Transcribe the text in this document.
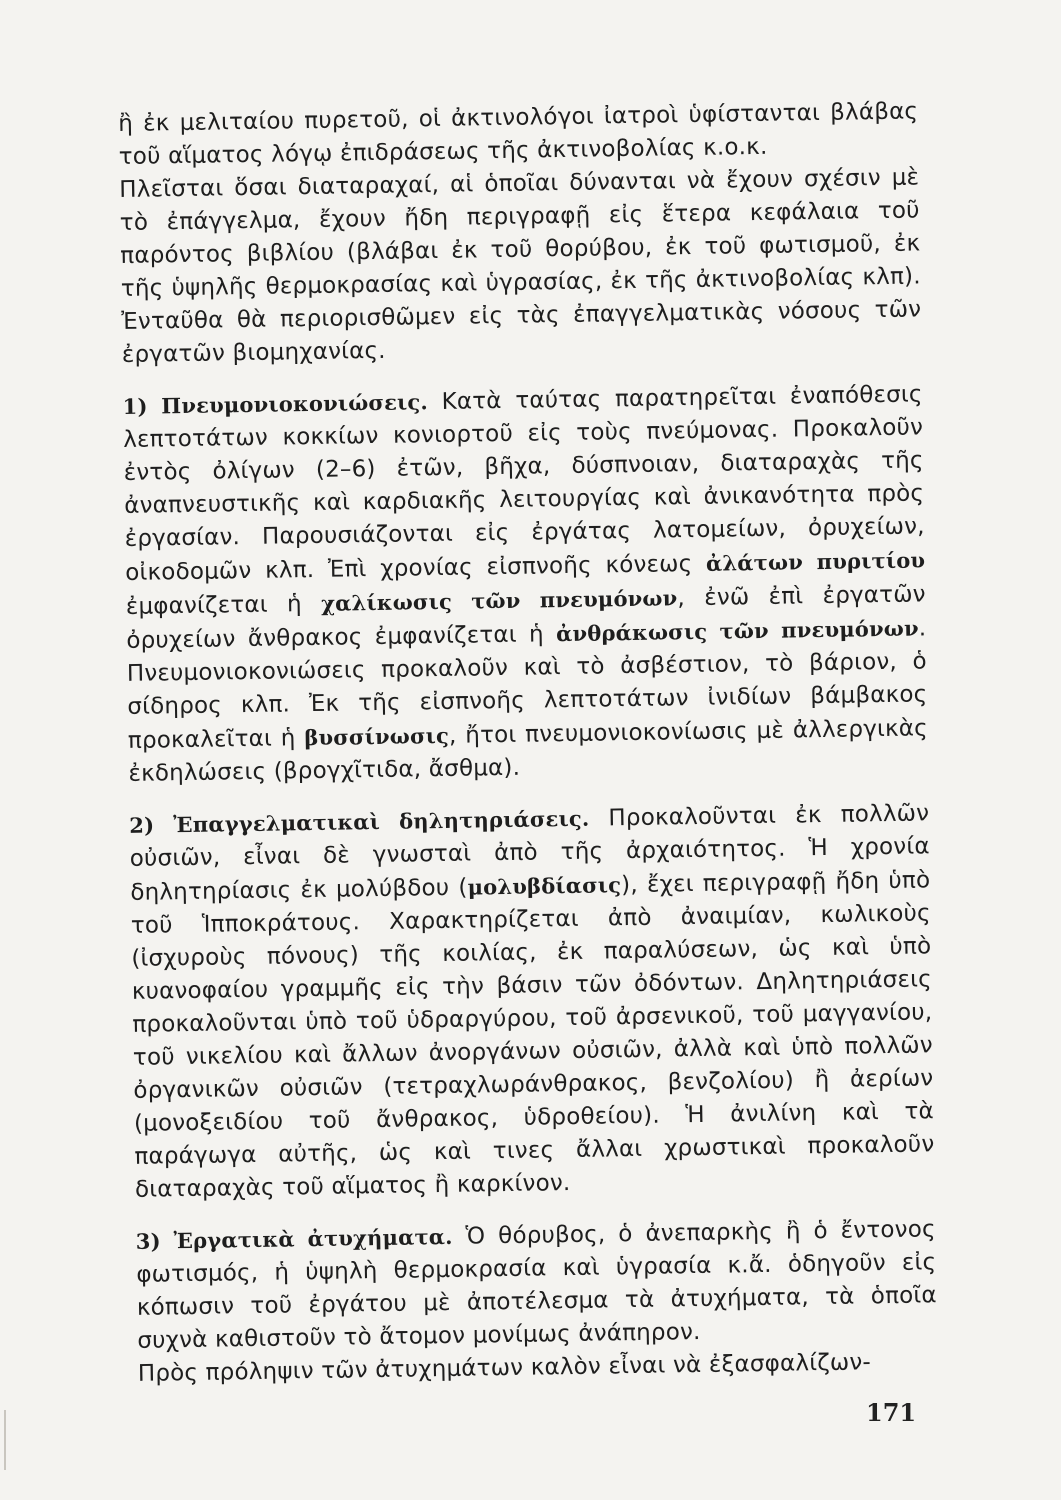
ἢ ἐκ μελιταίου πυρετοῦ, οἱ ἀκτινολόγοι ἰατροὶ ὑφίστανται βλάβας τοῦ αἵματος λόγῳ ἐπιδράσεως τῆς ἀκτινοβολίας κ.ο.κ.

Πλεῖσται ὅσαι διαταραχαί, αἱ ὁποῖαι δύνανται νὰ ἔχουν σχέσιν μὲ τὸ ἐπάγγελμα, ἔχουν ἤδη περιγραφῇ εἰς ἕτερα κεφάλαια τοῦ παρόντος βιβλίου (βλάβαι ἐκ τοῦ θορύβου, ἐκ τοῦ φωτισμοῦ, ἐκ τῆς ὑψηλῆς θερμοκρασίας καὶ ὑγρασίας, ἐκ τῆς ἀκτινοβολίας κλπ). Ἐνταῦθα θὰ περιορισθῶμεν εἰς τὰς ἐπαγγελματικὰς νόσους τῶν ἐργατῶν βιομηχανίας.

1) Πνευμονιοκονιώσεις. Κατὰ ταύτας παρατηρεῖται ἐναπόθεσις λεπτοτάτων κοκκίων κονιορτοῦ εἰς τοὺς πνεύμονας. Προκαλοῦν ἐντὸς ὀλίγων (2–6) ἐτῶν, βῆχα, δύσπνοιαν, διαταραχὰς τῆς ἀναπνευστικῆς καὶ καρδιακῆς λειτουργίας καὶ ἀνικανότητα πρὸς ἐργασίαν. Παρουσιάζονται εἰς ἐργάτας λατομείων, ὀρυχείων, οἰκοδομῶν κλπ. Ἐπὶ χρονίας εἰσπνοῆς κόνεως ἀλάτων πυριτίου ἐμφανίζεται ἡ χαλίκωσις τῶν πνευμόνων, ἐνῶ ἐπὶ ἐργατῶν ὀρυχείων ἄνθρακος ἐμφανίζεται ἡ ἀνθράκωσις τῶν πνευμόνων. Πνευμονιοκονιώσεις προκαλοῦν καὶ τὸ ἀσβέστιον, τὸ βάριον, ὁ σίδηρος κλπ. Ἐκ τῆς εἰσπνοῆς λεπτοτάτων ἰνιδίων βάμβακος προκαλεῖται ἡ βυσσίνωσις, ἤτοι πνευμονιοκονίωσις μὲ ἀλλεργικὰς ἐκδηλώσεις (βρογχῖτιδα, ἄσθμα).

2) Ἐπαγγελματικαὶ δηλητηριάσεις. Προκαλοῦνται ἐκ πολλῶν οὐσιῶν, εἶναι δὲ γνωσταὶ ἀπὸ τῆς ἀρχαιότητος. Ἡ χρονία δηλητηρίασις ἐκ μολύβδου (μολυβδίασις), ἔχει περιγραφῇ ἤδη ὑπὸ τοῦ Ἱπποκράτους. Χαρακτηρίζεται ἀπὸ ἀναιμίαν, κωλικοὺς (ἰσχυροὺς πόνους) τῆς κοιλίας, ἐκ παραλύσεων, ὡς καὶ ὑπὸ κυανοφαίου γραμμῆς εἰς τὴν βάσιν τῶν ὀδόντων. Δηλητηριάσεις προκαλοῦνται ὑπὸ τοῦ ὑδραργύρου, τοῦ ἀρσενικοῦ, τοῦ μαγγανίου, τοῦ νικελίου καὶ ἄλλων ἀνοργάνων οὐσιῶν, ἀλλὰ καὶ ὑπὸ πολλῶν ὀργανικῶν οὐσιῶν (τετραχλωράνθρακος, βενζολίου) ἢ ἀερίων (μονοξειδίου τοῦ ἄνθρακος, ὑδροθείου). Ἡ ἀνιλίνη καὶ τὰ παράγωγα αὐτῆς, ὡς καὶ τινες ἄλλαι χρωστικαὶ προκαλοῦν διαταραχὰς τοῦ αἵματος ἢ καρκίνον.

3) Ἐργατικὰ ἀτυχήματα. Ὁ θόρυβος, ὁ ἀνεπαρκὴς ἢ ὁ ἔντονος φωτισμός, ἡ ὑψηλὴ θερμοκρασία καὶ ὑγρασία κ.ἄ. ὁδηγοῦν εἰς κόπωσιν τοῦ ἐργάτου μὲ ἀποτέλεσμα τὰ ἀτυχήματα, τὰ ὁποῖα συχνὰ καθιστοῦν τὸ ἄτομον μονίμως ἀνάπηρον.

Πρὸς πρόληψιν τῶν ἀτυχημάτων καλὸν εἶναι νὰ ἐξασφαλίζων-

171
